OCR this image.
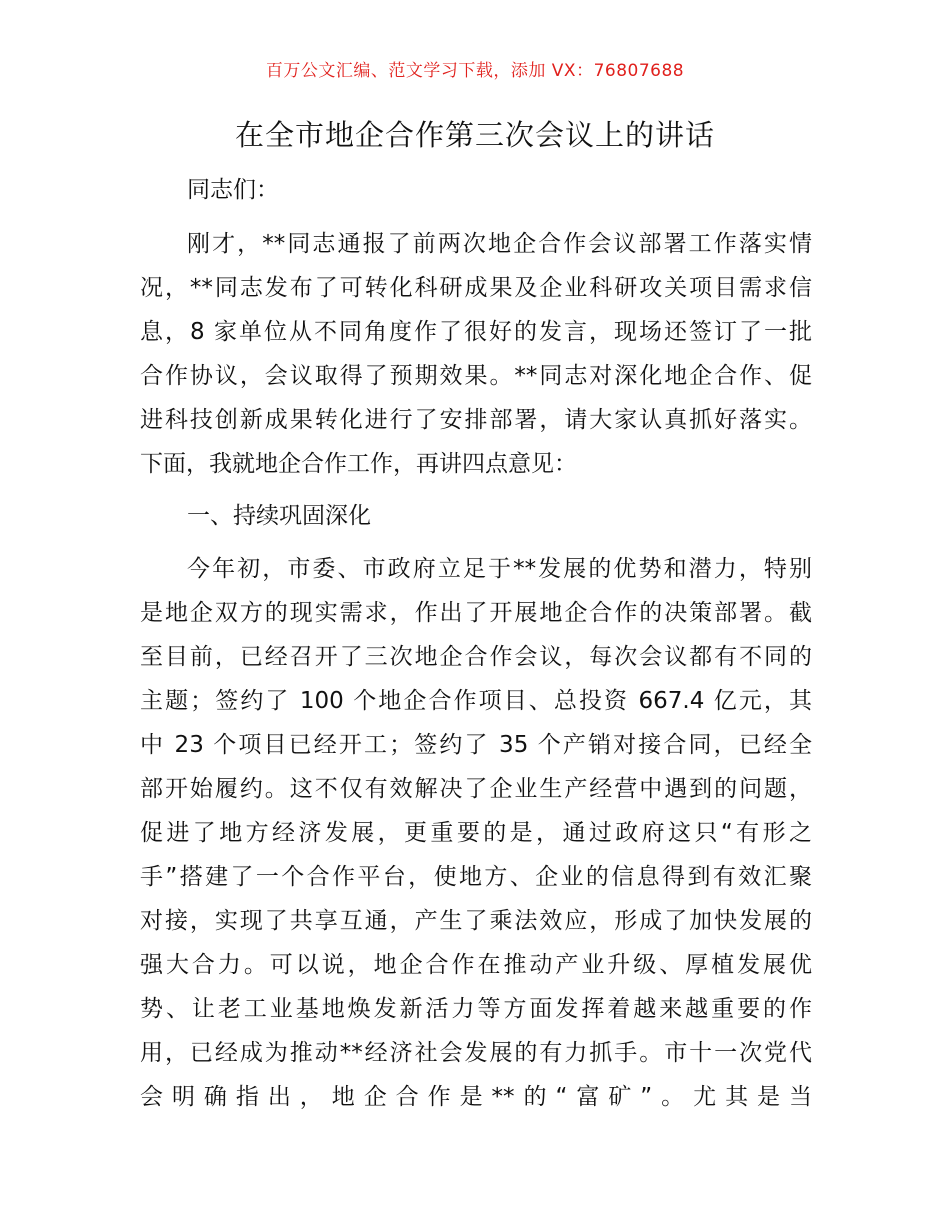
百万公文汇编、范文学习下载，添加 VX：76807688
在全市地企合作第三次会议上的讲话
同志们：
刚才，**同志通报了前两次地企合作会议部署工作落实情
况，**同志发布了可转化科研成果及企业科研攻关项目需求信
息，8 家单位从不同角度作了很好的发言，现场还签订了一批
合作协议，会议取得了预期效果。**同志对深化地企合作、促
进科技创新成果转化进行了安排部署，请大家认真抓好落实。
下面，我就地企合作工作，再讲四点意见：
一、持续巩固深化
今年初，市委、市政府立足于**发展的优势和潜力，特别
是地企双方的现实需求，作出了开展地企合作的决策部署。截
至目前，已经召开了三次地企合作会议，每次会议都有不同的
主题；签约了 100 个地企合作项目、总投资 667.4 亿元，其
中 23 个项目已经开工；签约了 35 个产销对接合同，已经全
部开始履约。这不仅有效解决了企业生产经营中遇到的问题，
促进了地方经济发展，更重要的是，通过政府这只“有形之
手”搭建了一个合作平台，使地方、企业的信息得到有效汇聚
对接，实现了共享互通，产生了乘法效应，形成了加快发展的
强大合力。可以说，地企合作在推动产业升级、厚植发展优
势、让老工业基地焕发新活力等方面发挥着越来越重要的作
用，已经成为推动**经济社会发展的有力抓手。市十一次党代
会明确指出，地企合作是**的“富矿”。尤其是当
